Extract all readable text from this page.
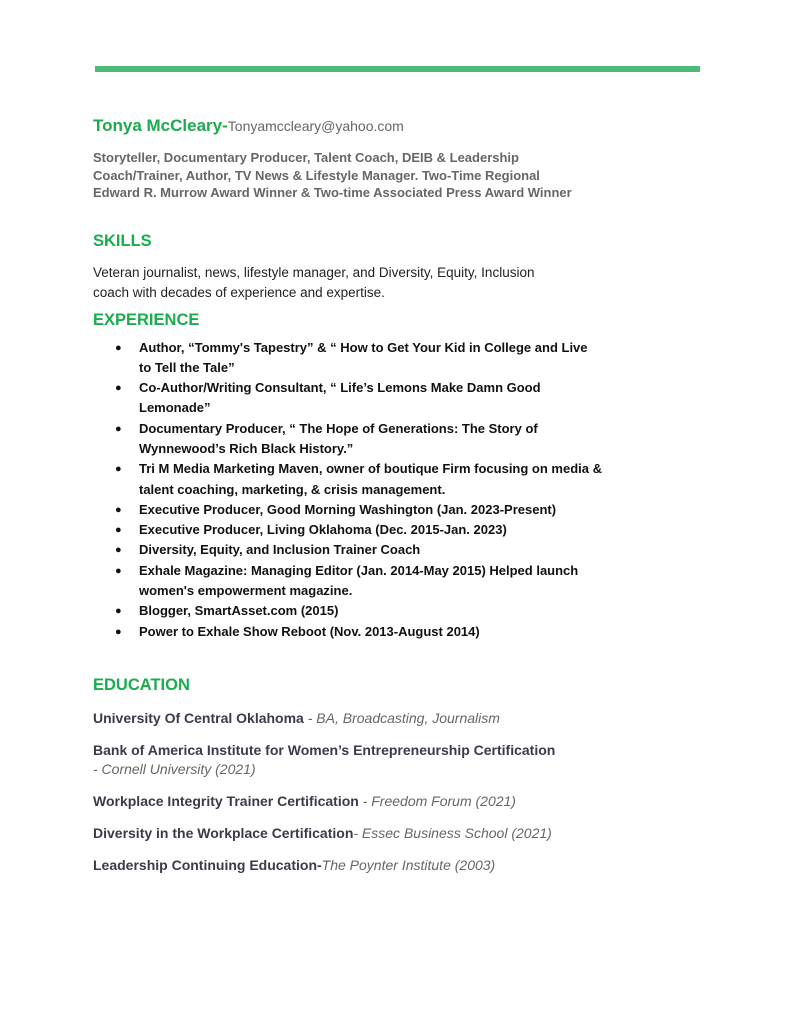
Tonya McCleary-Tonyamccleary@yahoo.com

Storyteller, Documentary Producer, Talent Coach, DEIB & Leadership Coach/Trainer, Author, TV News & Lifestyle Manager. Two-Time Regional Edward R. Murrow Award Winner & Two-time Associated Press Award Winner

SKILLS

Veteran journalist, news, lifestyle manager, and Diversity, Equity, Inclusion coach with decades of experience and expertise.

EXPERIENCE
● Author, “Tommy's Tapestry” & “ How to Get Your Kid in College and Live to Tell the Tale”
● Co-Author/Writing Consultant, “ Life’s Lemons Make Damn Good Lemonade”
● Documentary Producer, “ The Hope of Generations: The Story of Wynnewood’s Rich Black History.”
● Tri M Media Marketing Maven, owner of boutique Firm focusing on media & talent coaching, marketing, & crisis management.
● Executive Producer, Good Morning Washington (Jan. 2023-Present)
● Executive Producer, Living Oklahoma (Dec. 2015-Jan. 2023)
● Diversity, Equity, and Inclusion Trainer Coach
● Exhale Magazine: Managing Editor (Jan. 2014-May 2015) Helped launch women's empowerment magazine.
● Blogger, SmartAsset.com (2015)
● Power to Exhale Show Reboot (Nov. 2013-August 2014)
EDUCATION
University Of Central Oklahoma - BA, Broadcasting, Journalism
Bank of America Institute for Women’s Entrepreneurship Certification
- Cornell University (2021)
Workplace Integrity Trainer Certification - Freedom Forum (2021)
Diversity in the Workplace Certification- Essec Business School (2021)
Leadership Continuing Education-The Poynter Institute (2003)
